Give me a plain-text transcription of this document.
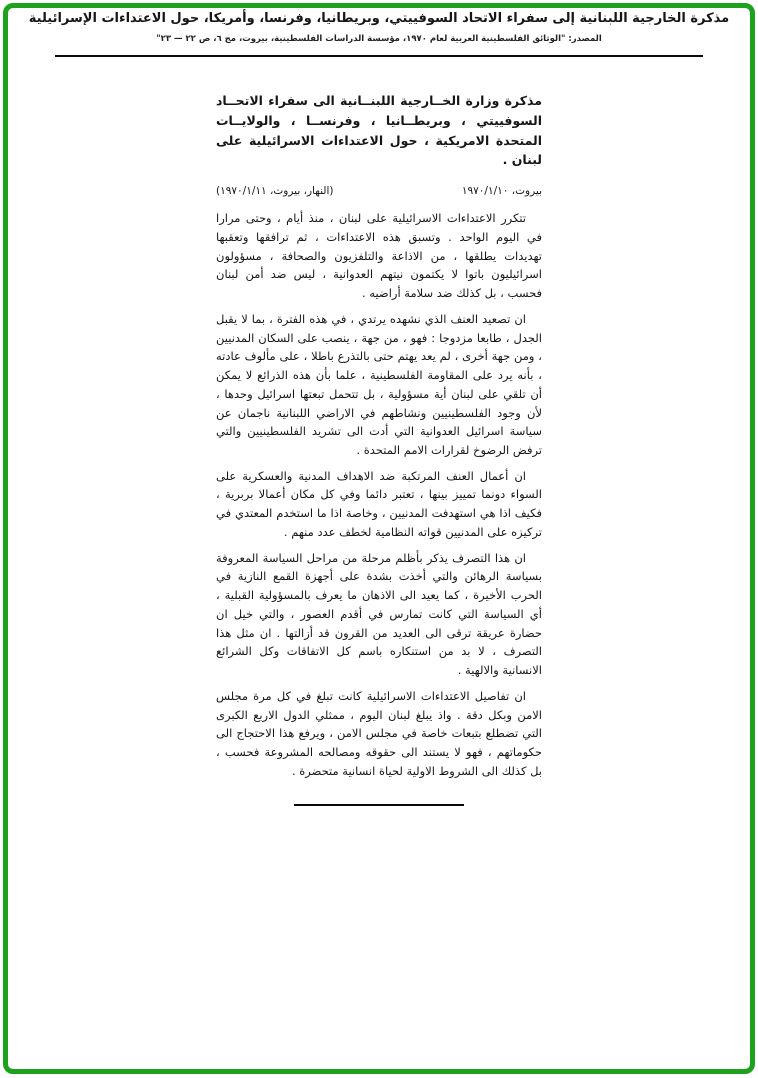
مذكرة الخارجية اللبنانية إلى سفراء الاتحاد السوفييتي، وبريطانيا، وفرنسا، وأمريكا، حول الاعتداءات الإسرائيلية
المصدر: "الوثائق الفلسطينية العربية لعام ١٩٧٠، مؤسسة الدراسات الفلسطينية، بيروت، مج ٦، ص ٢٢ — ٢٣"
مذكرة وزارة الخــارجية اللبنــانية الى سفراء الاتحــاد السوفييتي ، وبريطــانيا ، وفرنســا ، والولايــات المتحدة الامريكية ، حول الاعتداءات الاسرائيلية على لبنان .
بيروت، ١٩٧٠/١/١٠
(النهار، بيروت، ١٩٧٠/١/١١)

تتكرر الاعتداءات الاسرائيلية على لبنان ، منذ أيام ، وحتى مرارا في اليوم الواحد . وتسبق هذه الاعتداءات ، ثم ترافقها وتعقبها تهديدات يطلقها ، من الاذاعة والتلفزيون والصحافة ، مسؤولون اسرائيليون باتوا لا يكتمون نيتهم العدوانية ، ليس ضد أمن لبنان فحسب ، بل كذلك ضد سلامة أراضيه .

ان تصعيد العنف الذي نشهده يرتدي ، في هذه الفترة ، بما لا يقبل الجدل ، طابعا مزدوجا : فهو ، من جهة ، ينصب على السكان المدنيين ، ومن جهة أخرى ، لم يعد يهتم حتى بالتذرع باطلا ، على مألوف عادته ، بأنه يرد على المقاومة الفلسطينية ، علما بأن هذه الذرائع لا يمكن أن تلقي على لبنان أية مسؤولية ، بل تتحمل تبعتها اسرائيل وحدها ، لأن وجود الفلسطينيين ونشاطهم في الاراضي اللبنانية ناجمان عن سياسة اسرائيل العدوانية التي أدت الى تشريد الفلسطينيين والتي ترفض الرضوخ لقرارات الامم المتحدة .

ان أعمال العنف المرتكبة ضد الاهداف المدنية والعسكرية على السواء دونما تمييز بينها ، تعتبر دائما وفي كل مكان أعمالا بربرية ، فكيف اذا هي استهدفت المدنيين ، وخاصة اذا ما استخدم المعتدي في تركيزه على المدنيين قواته النظامية لخطف عدد منهم .

ان هذا التصرف يذكر بأظلم مرحلة من مراحل السياسة المعروفة بسياسة الرهائن والتي أخذت بشدة على أجهزة القمع النازية في الحرب الأخيرة ، كما يعيد الى الاذهان ما يعرف بالمسؤولية القبلية ، أي السياسة التي كانت تمارس في أقدم العصور ، والتي خيل ان حضارة عريقة ترقى الى العديد من القرون قد أزالتها . ان مثل هذا التصرف ، لا بد من استنكاره باسم كل الاتفاقات وكل الشرائع الانسانية والالهية .

ان تفاصيل الاعتداءات الاسرائيلية كانت تبلغ في كل مرة مجلس الامن وبكل دقة . واذ يبلغ لبنان اليوم ، ممثلي الدول الاربع الكبرى التي تضطلع بتبعات خاصة في مجلس الامن ، ويرفع هذا الاحتجاج الى حكوماتهم ، فهو لا يستند الى حقوقه ومصالحه المشروعة فحسب ، بل كذلك الى الشروط الاولية لحياة انسانية متحضرة .
